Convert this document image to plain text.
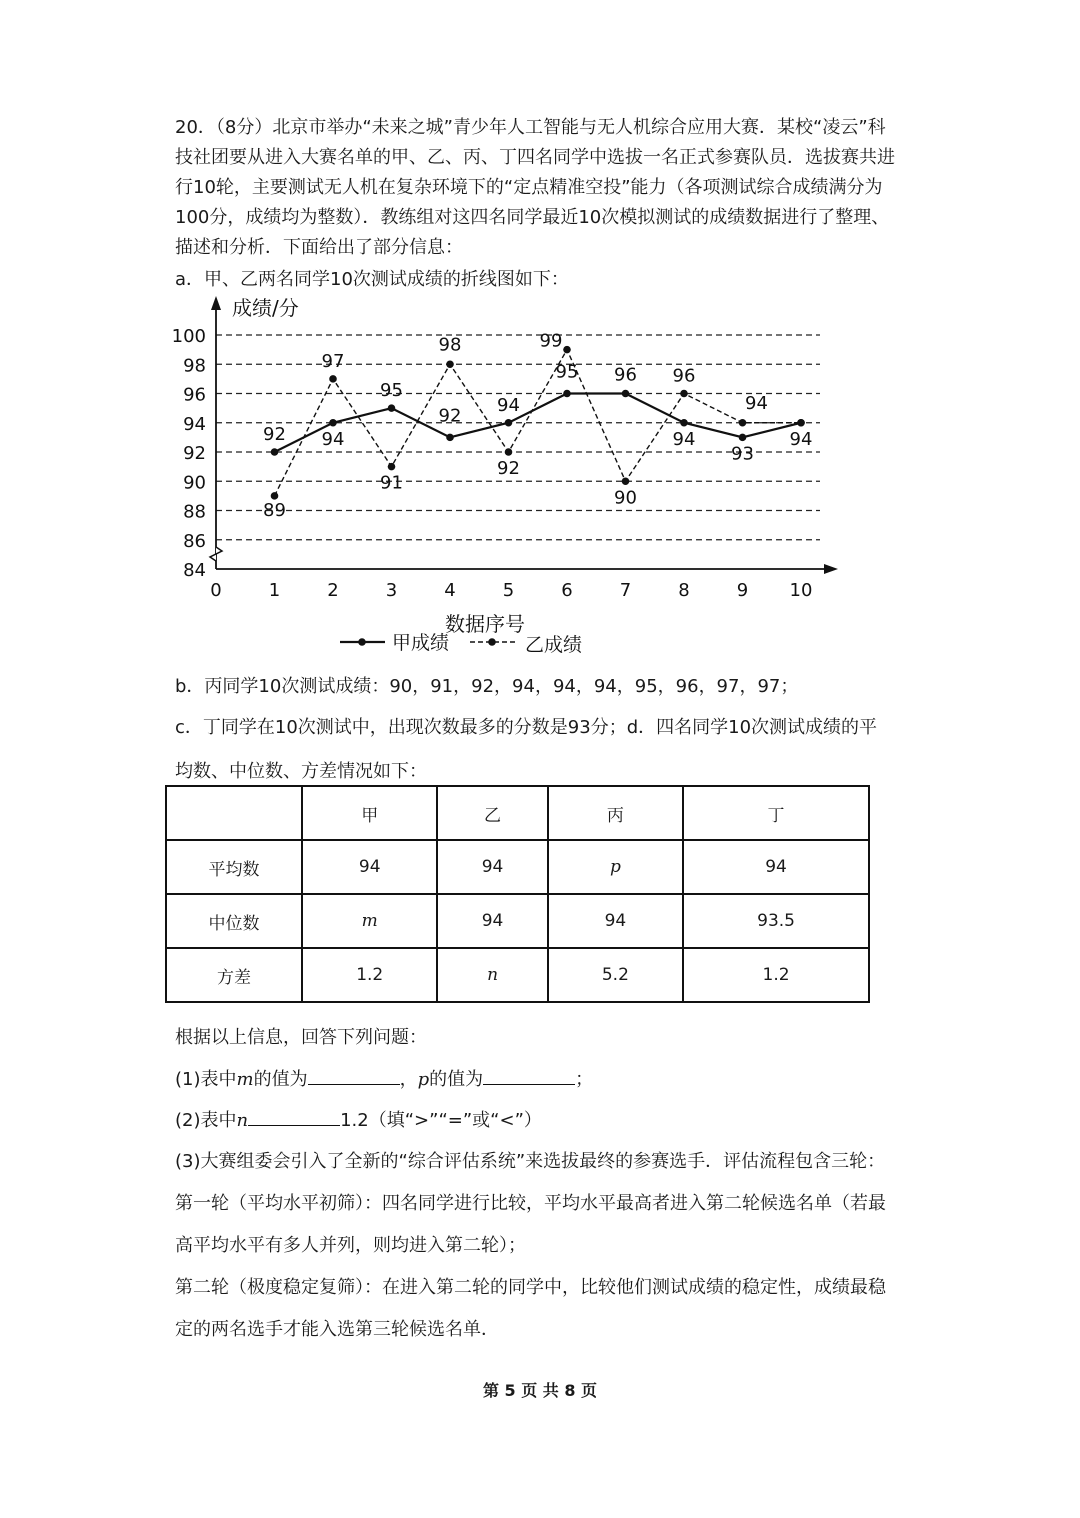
20．（8分）北京市举办“未来之城”青少年人工智能与无人机综合应用大赛．某校“凌云”科技社团要从进入大赛名单的甲、乙、丙、丁四名同学中选拔一名正式参赛队员．选拔赛共进行10轮，主要测试无人机在复杂环境下的“定点精准空投”能力（各项测试综合成绩满分为100分，成绩均为整数）．教练组对这四名同学最近10次模拟测试的成绩数据进行了整理、描述和分析．下面给出了部分信息：

a．甲、乙两名同学10次测试成绩的折线图如下：

84
86
88
90
92
94
96
98
100
成绩/分
0	1	2	3	4	5	6	7	8	9 10
数据序号
92 94
95
92
94
95 96
94
93
94
89
97
91
98
92
99
90
96
94
甲成绩	乙成绩

b．丙同学10次测试成绩：90，91，92，94，94，94，95，96，97，97；

c．丁同学在10次测试中，出现次数最多的分数是93分；d．四名同学10次测试成绩的平均数、中位数、方差情况如下：

	甲	乙	丙	丁
平均数	94	94	p	94
中位数	m	94	94	93.5
方差	1.2	n	5.2	1.2

根据以上信息，回答下列问题：

(1)表中m的值为	，p的值为	；

(2)表中n	1.2（填“>”“=”或“<”）

(3)大赛组委会引入了全新的“综合评估系统”来选拔最终的参赛选手．评估流程包含三轮：

第一轮（平均水平初筛）：四名同学进行比较，平均水平最高者进入第二轮候选名单（若最高平均水平有多人并列，则均进入第二轮）；

第二轮（极度稳定复筛）：在进入第二轮的同学中，比较他们测试成绩的稳定性，成绩最稳定的两名选手才能入选第三轮候选名单．

第 5 页 共 8 页
